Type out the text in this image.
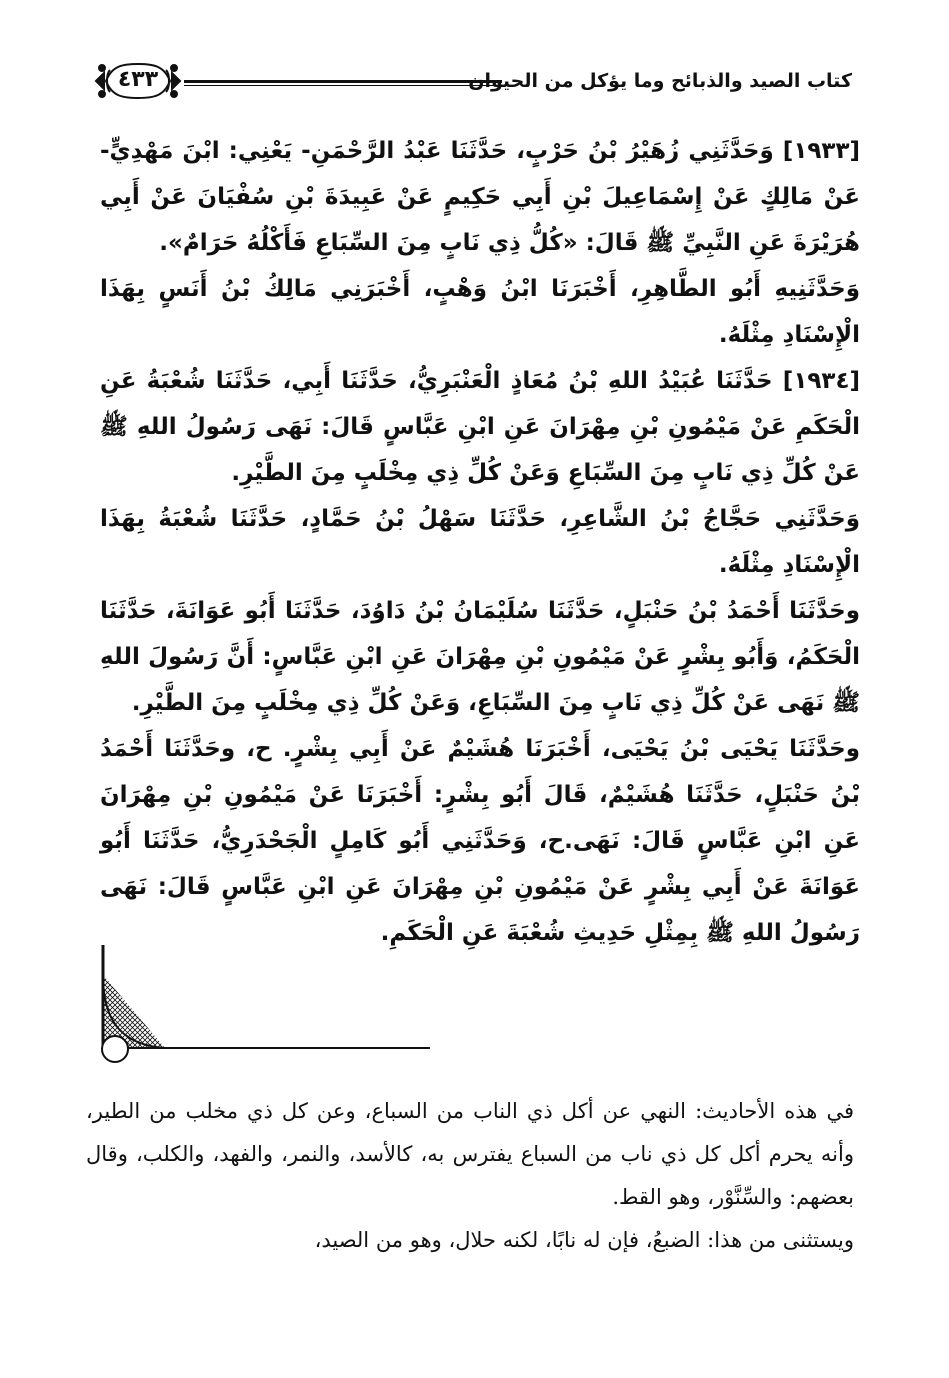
كتاب الصيد والذبائح وما يؤكل من الحيوان
٤٣٣

[١٩٣٣] وَحَدَّثَنِي زُهَيْرُ بْنُ حَرْبٍ، حَدَّثَنَا عَبْدُ الرَّحْمَنِ- يَعْنِي: ابْنَ مَهْدِيٍّ- عَنْ مَالِكٍ عَنْ إِسْمَاعِيلَ بْنِ أَبِي حَكِيمٍ عَنْ عَبِيدَةَ بْنِ سُفْيَانَ عَنْ أَبِي هُرَيْرَةَ عَنِ النَّبِيِّ ﷺ قَالَ: «كُلُّ ذِي نَابٍ مِنَ السِّبَاعِ فَأَكْلُهُ حَرَامٌ».

وَحَدَّثَنِيهِ أَبُو الطَّاهِرِ، أَخْبَرَنَا ابْنُ وَهْبٍ، أَخْبَرَنِي مَالِكُ بْنُ أَنَسٍ بِهَذَا الْإِسْنَادِ مِثْلَهُ.

[١٩٣٤] حَدَّثَنَا عُبَيْدُ اللهِ بْنُ مُعَاذٍ الْعَنْبَرِيُّ، حَدَّثَنَا أَبِي، حَدَّثَنَا شُعْبَةُ عَنِ الْحَكَمِ عَنْ مَيْمُونِ بْنِ مِهْرَانَ عَنِ ابْنِ عَبَّاسٍ قَالَ: نَهَى رَسُولُ اللهِ ﷺ عَنْ كُلِّ ذِي نَابٍ مِنَ السِّبَاعِ وَعَنْ كُلِّ ذِي مِخْلَبٍ مِنَ الطَّيْرِ.

وَحَدَّثَنِي حَجَّاجُ بْنُ الشَّاعِرِ، حَدَّثَنَا سَهْلُ بْنُ حَمَّادٍ، حَدَّثَنَا شُعْبَةُ بِهَذَا الْإِسْنَادِ مِثْلَهُ.

وحَدَّثَنَا أَحْمَدُ بْنُ حَنْبَلٍ، حَدَّثَنَا سُلَيْمَانُ بْنُ دَاوُدَ، حَدَّثَنَا أَبُو عَوَانَةَ، حَدَّثَنَا الْحَكَمُ، وَأَبُو بِشْرٍ عَنْ مَيْمُونِ بْنِ مِهْرَانَ عَنِ ابْنِ عَبَّاسٍ: أَنَّ رَسُولَ اللهِ ﷺ نَهَى عَنْ كُلِّ ذِي نَابٍ مِنَ السِّبَاعِ، وَعَنْ كُلِّ ذِي مِخْلَبٍ مِنَ الطَّيْرِ.

وحَدَّثَنَا يَحْيَى بْنُ يَحْيَى، أَخْبَرَنَا هُشَيْمٌ عَنْ أَبِي بِشْرٍ. ح، وحَدَّثَنَا أَحْمَدُ بْنُ حَنْبَلٍ، حَدَّثَنَا هُشَيْمٌ، قَالَ أَبُو بِشْرٍ: أَخْبَرَنَا عَنْ مَيْمُونِ بْنِ مِهْرَانَ عَنِ ابْنِ عَبَّاسٍ قَالَ: نَهَى.ح، وَحَدَّثَنِي أَبُو كَامِلٍ الْجَحْدَرِيُّ، حَدَّثَنَا أَبُو عَوَانَةَ عَنْ أَبِي بِشْرٍ عَنْ مَيْمُونِ بْنِ مِهْرَانَ عَنِ ابْنِ عَبَّاسٍ قَالَ: نَهَى رَسُولُ اللهِ ﷺ بِمِثْلِ حَدِيثِ شُعْبَةَ عَنِ الْحَكَمِ.

في هذه الأحاديث: النهي عن أكل ذي الناب من السباع، وعن كل ذي مخلب من الطير، وأنه يحرم أكل كل ذي ناب من السباع يفترس به، كالأسد، والنمر، والفهد، والكلب، وقال بعضهم: والسِّنَّوْر، وهو القط.

ويستثنى من هذا: الضبعُ، فإن له نابًا، لكنه حلال، وهو من الصيد،
